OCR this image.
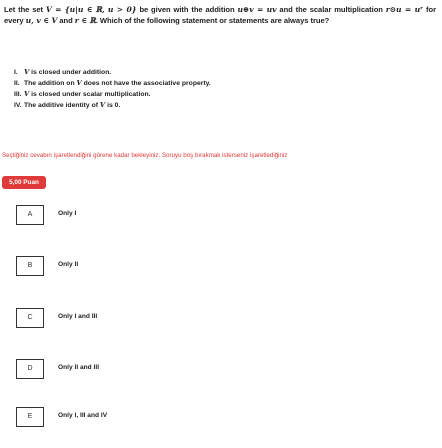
Let the set V = {u|u ∈ ℝ, u > 0} be given with the addition u⊕v = uv and the scalar multiplication r⊙u = uʳ for every u, v ∈ V and r ∈ ℝ. Which of the following statement or statements are always true?
I. V is closed under addition.
II. The addition on V does not have the associative property.
III. V is closed under scalar multiplication.
IV. The additive identity of V is 0.
Seçtiğiniz cevabın işaretlendiğini görene kadar bekleyiniz. Soruyu boş bırakmak isterseniz işaretlediğiniz
5,00 Puan
A	Only I
B	Only II
C	Only I and III
D	Only II and III
E	Only I, III and IV
